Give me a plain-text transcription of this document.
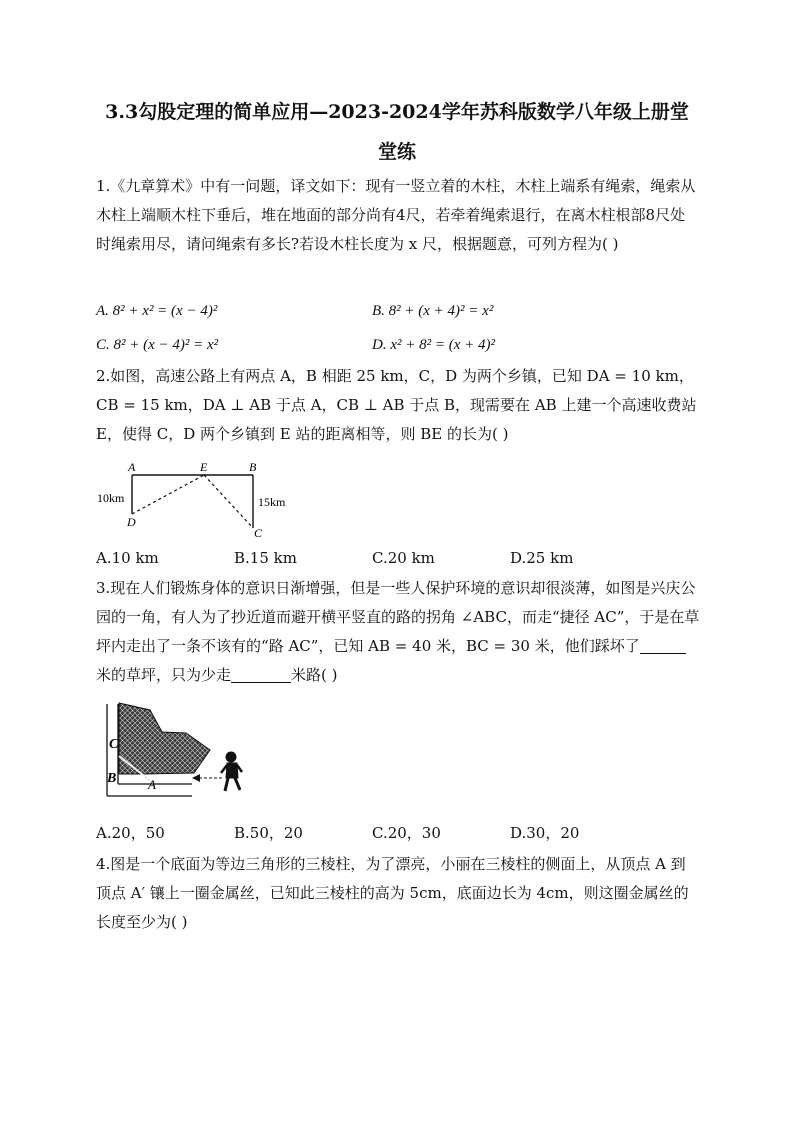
3.3勾股定理的简单应用—2023-2024学年苏科版数学八年级上册堂
堂练
1.《九章算术》中有一问题，译文如下：现有一竖立着的木柱，木柱上端系有绳索，绳索从木柱上端顺木柱下垂后，堆在地面的部分尚有4尺，若牵着绳索退行，在离木柱根部8尺处时绳索用尽，请问绳索有多长?若设木柱长度为 x 尺，根据题意，可列方程为( )
A. 8² + x² = (x − 4)²	B. 8² + (x + 4)² = x²
C. 8² + (x − 4)² = x²	D. x² + 8² = (x + 4)²
2.如图，高速公路上有两点 A，B 相距 25 km，C，D 为两个乡镇，已知 DA = 10 km，CB = 15 km，DA ⊥ AB 于点 A，CB ⊥ AB 于点 B，现需要在 AB 上建一个高速收费站 E，使得 C，D 两个乡镇到 E 站的距离相等，则 BE 的长为( )
A	E	B
D
C
10km	15km
A.10 km	B.15 km	C.20 km	D.25 km
3.现在人们锻炼身体的意识日渐增强，但是一些人保护环境的意识却很淡薄，如图是兴庆公园的一角，有人为了抄近道而避开横平竖直的路的拐角 ∠ABC，而走“捷径 AC”，于是在草坪内走出了一条不该有的“路 AC”，已知 AB = 40 米，BC = 30 米，他们踩坏了米的草坪，只为少走	米路( )
C
B A
A.20，50	B.50，20	C.20，30	D.30，20
4.图是一个底面为等边三角形的三棱柱，为了漂亮，小丽在三棱柱的侧面上，从顶点 A 到顶点 A′ 镶上一圈金属丝，已知此三棱柱的高为 5cm，底面边长为 4cm，则这圈金属丝的长度至少为( )
